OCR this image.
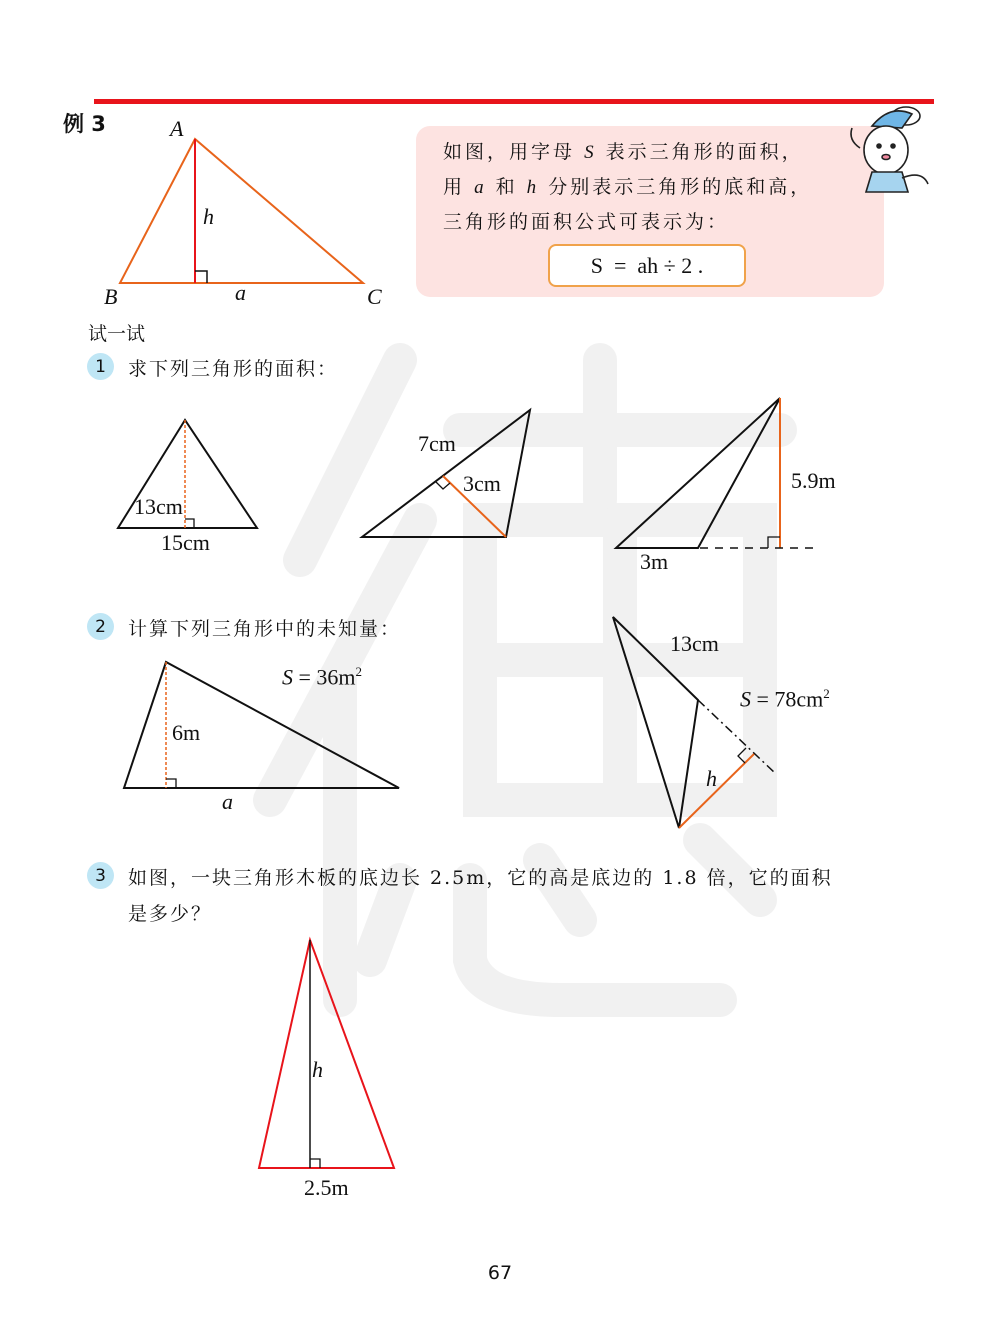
例 3	A
B	C
h
a
如图，用字母 S 表示三角形的面积，
用 a 和 h 分别表示三角形的底和高，
三角形的面积公式可表示为：
S  =  ah ÷ 2 .
试一试
1	求下列三角形的面积：
13cm
15cm
7cm
3cm	5.9m
3m
2	计算下列三角形中的未知量：
$S = 36m^2$
6m
a
13cm
$S = 78cm^2$
h
3	如图，一块三角形木板的底边长 2.5m，它的高是底边的 1.8 倍，它的面积
是多少？
h
2.5m
67
